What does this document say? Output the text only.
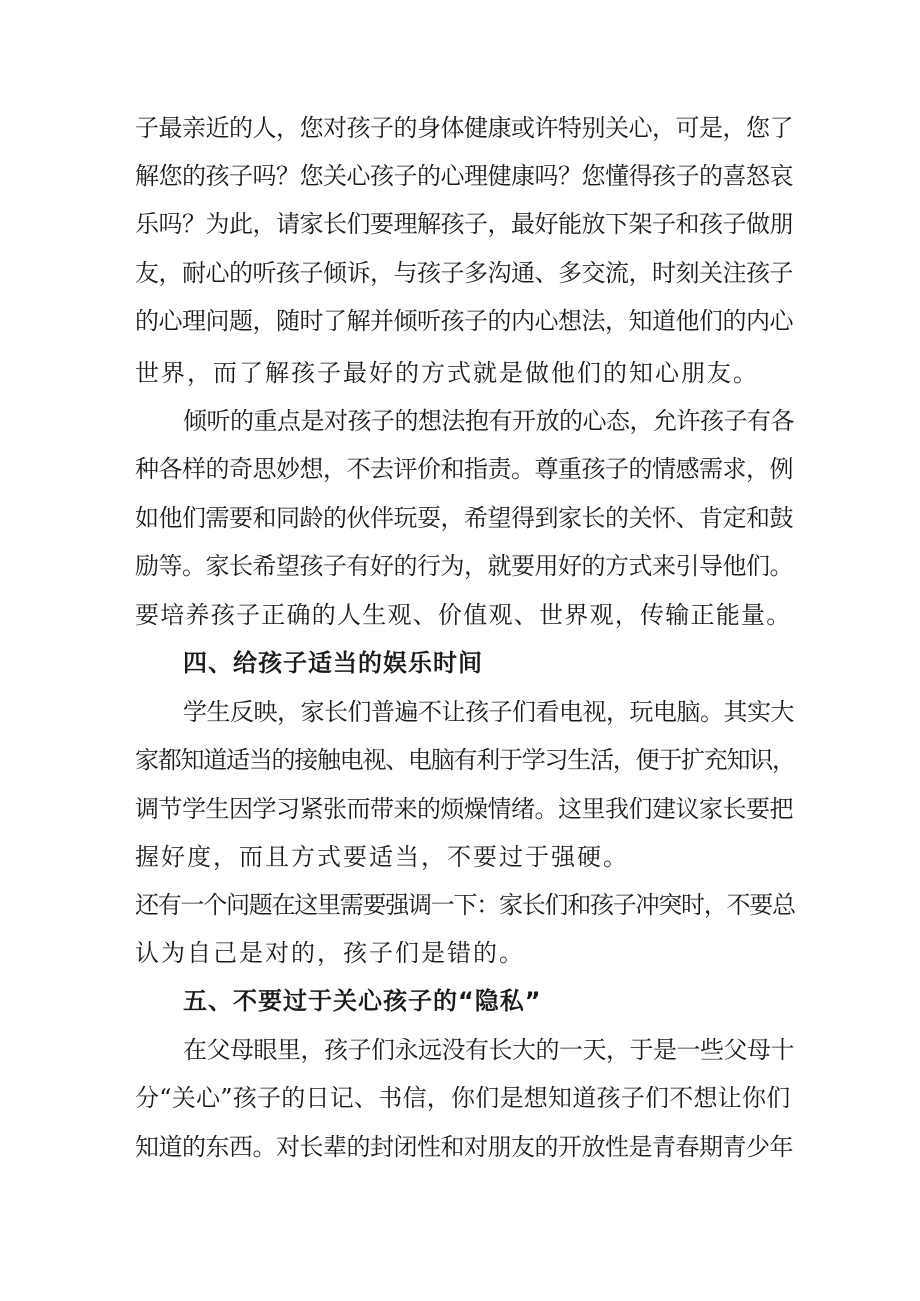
子最亲近的人，您对孩子的身体健康或许特别关心，可是，您了
解您的孩子吗？您关心孩子的心理健康吗？您懂得孩子的喜怒哀
乐吗？为此，请家长们要理解孩子，最好能放下架子和孩子做朋
友，耐心的听孩子倾诉，与孩子多沟通、多交流，时刻关注孩子
的心理问题，随时了解并倾听孩子的内心想法，知道他们的内心
世界，而了解孩子最好的方式就是做他们的知心朋友。
倾听的重点是对孩子的想法抱有开放的心态，允许孩子有各
种各样的奇思妙想，不去评价和指责。尊重孩子的情感需求，例
如他们需要和同龄的伙伴玩耍，希望得到家长的关怀、肯定和鼓
励等。家长希望孩子有好的行为，就要用好的方式来引导他们。
要培养孩子正确的人生观、价值观、世界观，传输正能量。
四、给孩子适当的娱乐时间
学生反映，家长们普遍不让孩子们看电视，玩电脑。其实大
家都知道适当的接触电视、电脑有利于学习生活，便于扩充知识，
调节学生因学习紧张而带来的烦燥情绪。这里我们建议家长要把
握好度，而且方式要适当，不要过于强硬。
还有一个问题在这里需要强调一下：家长们和孩子冲突时，不要总
认为自己是对的，孩子们是错的。
五、不要过于关心孩子的“隐私”
在父母眼里，孩子们永远没有长大的一天，于是一些父母十
分“关心”孩子的日记、书信，你们是想知道孩子们不想让你们
知道的东西。对长辈的封闭性和对朋友的开放性是青春期青少年
